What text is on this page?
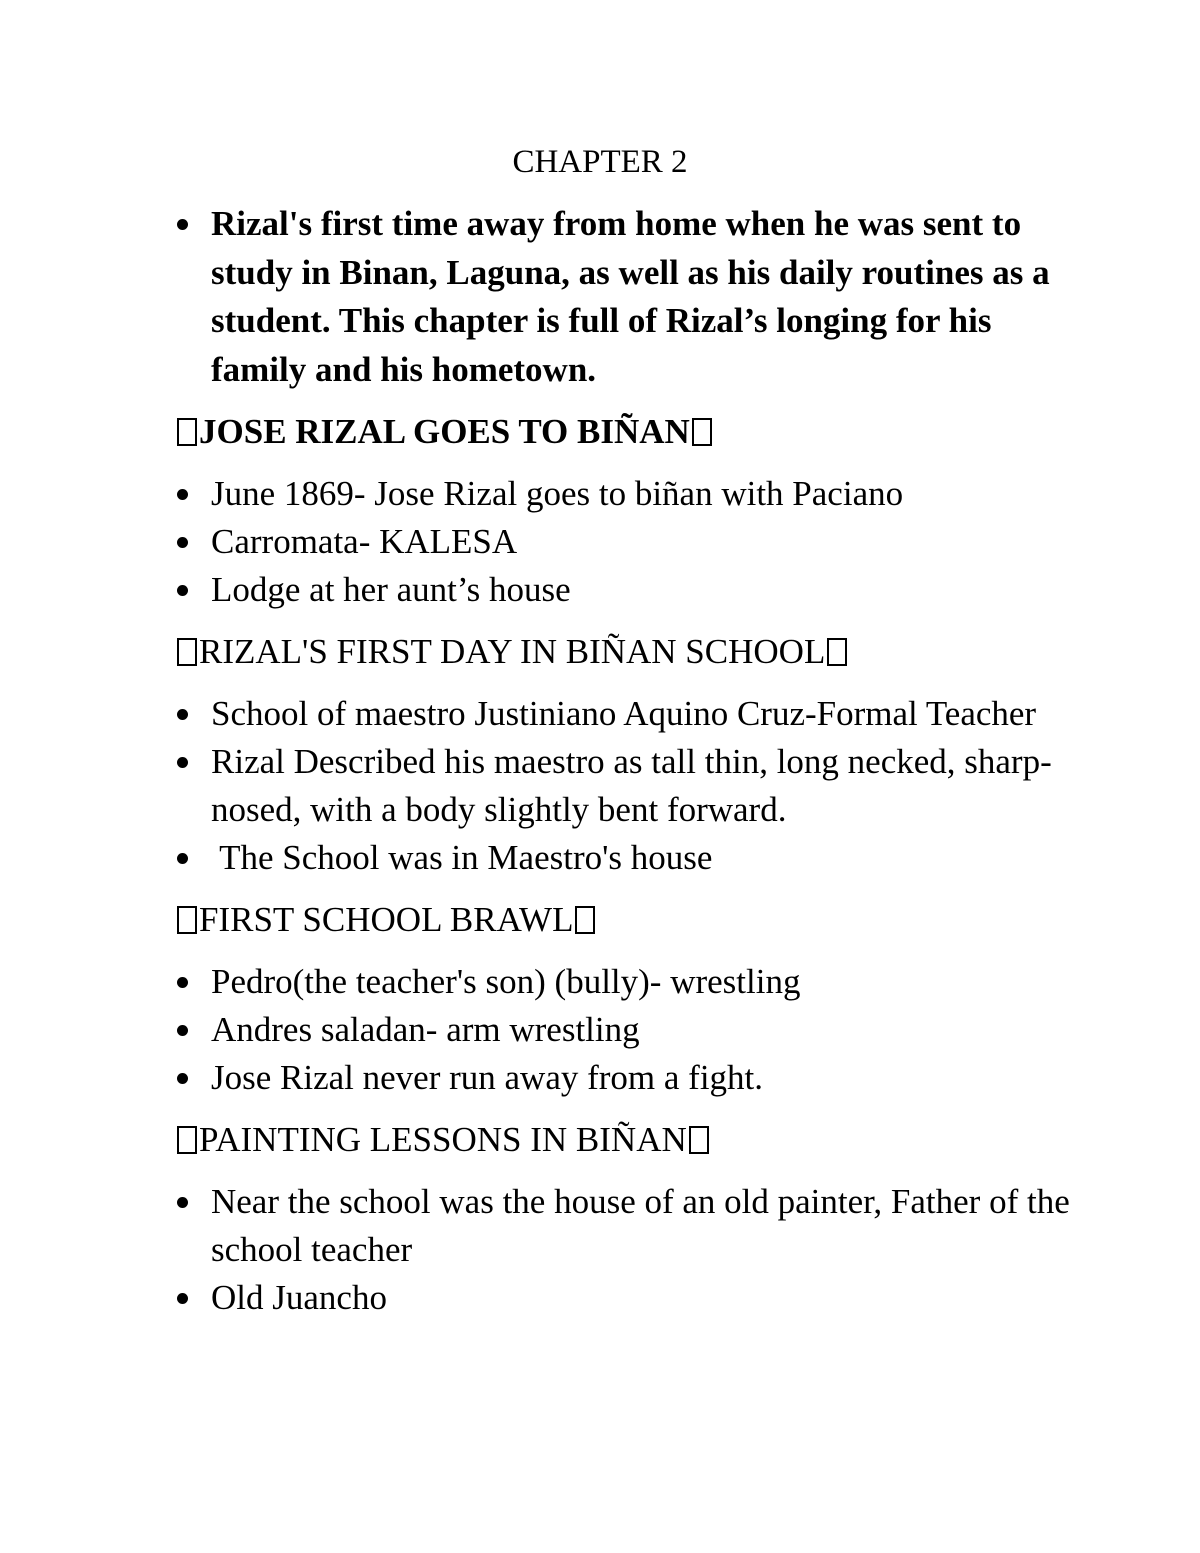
CHAPTER 2
Rizal's first time away from home when he was sent to study in Binan, Laguna, as well as his daily routines as a student. This chapter is full of Rizal’s longing for his family and his hometown.
JOSE RIZAL GOES TO BIÑAN
June 1869- Jose Rizal goes to biñan with Paciano
Carromata- KALESA
Lodge at her aunt’s house
RIZAL'S FIRST DAY IN BIÑAN SCHOOL
School of maestro Justiniano Aquino Cruz-Formal Teacher
Rizal Described his maestro as tall thin, long necked, sharp-nosed, with a body slightly bent forward.
The School was in Maestro's house
FIRST SCHOOL BRAWL
Pedro(the teacher's son) (bully)- wrestling
Andres saladan- arm wrestling
Jose Rizal never run away from a fight.
PAINTING LESSONS IN BIÑAN
Near the school was the house of an old painter, Father of the school teacher
Old Juancho
